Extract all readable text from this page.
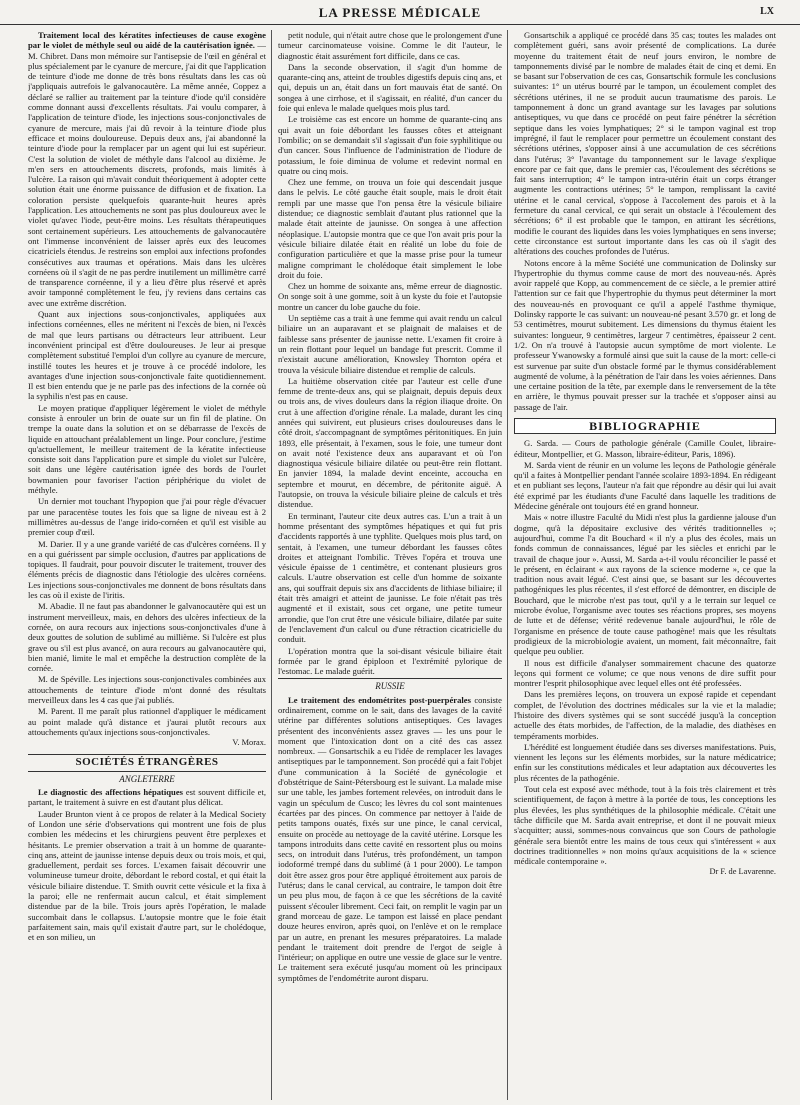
LA PRESSE MÉDICALE	LX

Traitement local des kératites infectieuses de cause exogène par le violet de méthyle seul ou aidé de la cautérisation ignée. — M. Chibret. Dans mon mémoire sur l'antisepsie de l'œil en général et plus spécialement par le cyanure de mercure, j'ai dit que l'application de teinture d'iode me donne de très bons résultats dans les cas où j'appliquais autrefois le galvanocautère. La même année, Coppez a déclaré se rallier au traitement par la teinture d'iode qu'il considère comme donnant aussi d'excellents résultats. J'ai voulu comparer, à l'application de teinture d'iode, les injections sous-conjonctivales de cyanure de mercure, mais j'ai dû revoir à la teinture d'iode plus efficace et moins douloureuse. Depuis deux ans, j'ai abandonné la teinture d'iode pour la remplacer par un agent qui lui est supérieur. C'est la solution de violet de méthyle dans l'alcool au dixième. Je m'en sers en attouchements discrets, profonds, mais limités à l'ulcère. La raison qui m'avait conduit théoriquement à adopter cette solution était une énorme puissance de diffusion et de fixation. La coloration persiste quelquefois quarante-huit heures après l'application. Les attouchements ne sont pas plus douloureux avec le violet qu'avec l'iode, peut-être moins. Les résultats thérapeutiques sont certainement supérieurs. Les attouchements de galvanocautère ont l'immense inconvénient de laisser après eux des leucomes cicatriciels étendus. Je restreins son emploi aux infections profondes consécutives aux traumas et opérations. Mais dans les ulcères cornéens où il s'agit de ne pas perdre inutilement un millimètre carré de transparence cornéenne, il y a lieu d'être plus réservé et après avoir tamponné complètement le feu, j'y reviens dans certains cas avec une extrême discrétion.

Quant aux injections sous-conjonctivales, appliquées aux infections cornéennes, elles ne méritent ni l'excès de bien, ni l'excès de mal que leurs partisans ou détracteurs leur attribuent. Leur inconvénient principal est d'être douloureuses. Je leur ai presque complètement substitué l'emploi d'un collyre au cyanure de mercure, instillé toutes les heures et je trouve à ce procédé indolore, les avantages d'une injection sous-conjonctivale faite quotidiennement. Il est bien entendu que je ne parle pas des infections de la cornée où la syphilis n'est pas en cause.

Le moyen pratique d'appliquer légèrement le violet de méthyle consiste à enrouler un brin de ouate sur un fin fil de platine. On trempe la ouate dans la solution et on se débarrasse de l'excès de liquide en attouchant préalablement un linge. Pour conclure, j'estime qu'actuellement, le meilleur traitement de la kératite infectieuse consiste soit dans l'application pure et simple du violet sur l'ulcère, soit dans une légère cautérisation ignée des bords de l'ourlet bowmanien pour favoriser l'action périphérique du violet de méthyle.

Un dernier mot touchant l'hypopion que j'ai pour règle d'évacuer par une paracentèse toutes les fois que sa ligne de niveau est à 2 millimètres au-dessus de l'ange irido-cornéen et qu'il est visible au premier coup d'œil.

M. Darier. Il y a une grande variété de cas d'ulcères cornéens. Il y en a qui guérissent par simple occlusion, d'autres par applications de topiques. Il faudrait, pour pouvoir discuter le traitement, trouver des éléments précis de diagnostic dans l'étiologie des ulcères cornéens. Les injections sous-conjonctivales me donnent de bons résultats dans les cas où il existe de l'iritis.

M. Abadie. Il ne faut pas abandonner le galvanocautère qui est un instrument merveilleux, mais, en dehors des ulcères infectieux de la cornée, on aura recours aux injections sous-conjonctivales d'une à deux gouttes de solution de sublimé au millième. Si l'ulcère est plus grave ou s'il est plus avancé, on aura recours au galvanocautère qui, bien manié, limite le mal et empêche la destruction complète de la cornée.

M. de Spéville. Les injections sous-conjonctivales combinées aux attouchements de teinture d'iode m'ont donné des résultats merveilleux dans les 4 cas que j'ai publiés.

M. Parent. Il me paraît plus rationnel d'appliquer le médicament au point malade qu'à distance et j'aurai plutôt recours aux attouchements qu'aux injections sous-conjonctivales.

V. Morax.
SOCIÉTÉS ÉTRANGÈRES
ANGLETERRE

Le diagnostic des affections hépatiques est souvent difficile et, partant, le traitement à suivre en est d'autant plus délicat.

Lauder Brunton vient à ce propos de relater à la Medical Society of London une série d'observations qui montrent une fois de plus combien les médecins et les chirurgiens peuvent être perplexes et hésitants. Le premier observation a trait à un homme de quarante-cinq ans, atteint de jaunisse intense depuis deux ou trois mois, et qui, graduellement, perdait ses forces. L'examen faisait découvrir une volumineuse tumeur droite, débordant le rebord costal, et qui était la vésicule biliaire distendue. T. Smith ouvrit cette vésicule et la fixa à la paroi; elle ne renfermait aucun calcul, et était simplement distendue par de la bile. Trois jours après l'opération, le malade succombait dans le collapsus. L'autopsie montre que le foie était parfaitement sain, mais qu'il existait d'autre part, sur le cholédoque, et en son milieu, un

petit nodule, qui n'était autre chose que le prolongement d'une tumeur carcinomateuse voisine. Comme le dit l'auteur, le diagnostic était assurément fort difficile, dans ce cas.

Dans la seconde observation, il s'agit d'un homme de quarante-cinq ans, atteint de troubles digestifs depuis cinq ans, et qui, depuis un an, était dans un fort mauvais état de santé. On songea à une cirrhose, et il s'agissait, en réalité, d'un cancer du foie qui enleva le malade quelques mois plus tard.

Le troisième cas est encore un homme de quarante-cinq ans qui avait un foie débordant les fausses côtes et atteignant l'ombilic; on se demandait s'il s'agissait d'un foie syphilitique ou d'un cancer. Sous l'influence de l'administration de l'iodure de potassium, le foie diminua de volume et redevint normal en quatre ou cinq mois.

Chez une femme, on trouva un foie qui descendait jusque dans le pelvis. Le côté gauche était souple, mais le droit était rempli par une masse que l'on pensa être la vésicule biliaire distendue; ce diagnostic semblait d'autant plus rationnel que la malade était atteinte de jaunisse. On songea à une affection néoplasique. L'autopsie montra que ce que l'on avait pris pour la vésicule biliaire dilatée était en réalité un lobe du foie de configuration particulière et que la masse prise pour la tumeur maligne comprimant le cholédoque était simplement le lobe droit du foie.

Chez un homme de soixante ans, même erreur de diagnostic. On songe soit à une gomme, soit à un kyste du foie et l'autopsie montre un cancer du lobe gauche du foie.

Un septième cas a trait à une femme qui avait rendu un calcul biliaire un an auparavant et se plaignait de malaises et de faiblesse sans présenter de jaunisse nette. L'examen fit croire à un rein flottant pour lequel un bandage fut prescrit. Comme il n'existait aucune amélioration, Knowsley Thornton opéra et trouva la vésicule biliaire distendue et remplie de calculs.

La huitième observation citée par l'auteur est celle d'une femme de trente-deux ans, qui se plaignait, depuis depuis deux ou trois ans, de vives douleurs dans la région iliaque droite. On crut à une affection d'origine rénale. La malade, durant les cinq années qui suivirent, eut plusieurs crises douloureuses dans le côté droit, s'accompagnant de symptômes péritonitiques. En juin 1893, elle présentait, à l'examen, sous le foie, une tumeur dont on avait noté l'existence deux ans auparavant et où l'on diagnostiqua vésicule biliaire dilatée ou peut-être rein flottant. En janvier 1894, la malade devint enceinte, accoucha en septembre et mourut, en décembre, de péritonite aiguë. A l'autopsie, on trouva la vésicule biliaire pleine de calculs et très distendue.

En terminant, l'auteur cite deux autres cas. L'un a trait à un homme présentant des symptômes hépatiques et qui fut pris d'accidents rapportés à une typhlite. Quelques mois plus tard, on sentait, à l'examen, une tumeur débordant les fausses côtes droites et atteignant l'ombilic. Trèves l'opéra et trouva une vésicule épaisse de 1 centimètre, et contenant plusieurs gros calculs. L'autre observation est celle d'un homme de soixante ans, qui souffrait depuis six ans d'accidents de lithiase biliaire; il était très amaigri et atteint de jaunisse. Le foie n'était pas très augmenté et il existait, sous cet organe, une petite tumeur arrondie, que l'on crut être une vésicule biliaire, dilatée par suite de l'enclavement d'un calcul ou d'une rétraction cicatricielle du conduit.

L'opération montra que la soi-disant vésicule biliaire était formée par le grand épiploon et l'extrémité pylorique de l'estomac. Le malade guérit.

RUSSIE

Le traitement des endométrites post-puerpérales consiste ordinairement, comme on le sait, dans des lavages de la cavité utérine par différentes solutions antiseptiques. Ces lavages présentent des inconvénients assez graves — les uns pour le moment que l'intoxication dont on a cité des cas assez nombreux. — Gonsartschik a eu l'idée de remplacer les lavages antiseptiques par le tamponnement. Son procédé qui a fait l'objet d'une communication à la Société de gynécologie et d'obstétrique de Saint-Pétersbourg est le suivant. La malade mise sur une table, les jambes fortement relevées, on introduit dans le vagin un spéculum de Cusco; les lèvres du col sont maintenues écartées par des pinces. On commence par nettoyer à l'aide de petits tampons ouatés, fixés sur une pince, le canal cervical, ensuite on procède au nettoyage de la cavité utérine. Lorsque les tampons introduits dans cette cavité en ressortent plus ou moins secs, on introduit dans l'utérus, très profondément, un tampon iodoformé trempé dans du sublimé (à 1 pour 2000). Le tampon doit être assez gros pour être appliqué étroitement aux parois de l'utérus; dans le canal cervical, au contraire, le tampon doit être un peu plus mou, de façon à ce que les sécrétions de la cavité puissent s'écouler librement. Ceci fait, on remplit le vagin par un grand morceau de gaze. Le tampon est laissé en place pendant douze heures environ, après quoi, on l'enlève et on le remplace par un autre, en prenant les mesures préparatoires. La malade pendant le traitement doit prendre de l'ergot de seigle à l'intérieur; on applique en outre une vessie de glace sur le ventre. Le traitement sera exécuté jusqu'au moment où les principaux symptômes de l'endométrite auront disparu.

Gonsartschik a appliqué ce procédé dans 35 cas; toutes les malades ont complètement guéri, sans avoir présenté de complications. La durée moyenne du traitement était de neuf jours environ, le nombre de tamponnements divisé par le nombre de malades était de cinq et demi. En se basant sur l'observation de ces cas, Gonsartschik formule les conclusions suivantes: 1° un utérus bourré par le tampon, un écoulement complet des sécrétions utérines, il ne se produit aucun traumatisme des parois. Le tamponnement à donc un grand avantage sur les lavages par solutions antiseptiques, vu que dans ce procédé on peut faire pénétrer la sécrétion septique dans les voies lymphatiques; 2° si le tampon vaginal est trop imprégné, il faut le remplacer pour permettre un écoulement constant des sécrétions utérines, s'opposer ainsi à une accumulation de ces sécrétions dans l'utérus; 3° l'avantage du tamponnement sur le lavage s'explique encore par ce fait que, dans le premier cas, l'écoulement des sécrétions se fait sans interruption; 4° le tampon intra-utérin était un corps étranger augmente les contractions utérines; 5° le tampon, remplissant la cavité utérine et le canal cervical, s'oppose à l'accolement des parois et à la fermeture du canal cervical, ce qui serait un obstacle à l'écoulement des sécrétions; 6° il est probable que le tampon, en attirant les sécrétions, modifie le courant des liquides dans les voies lymphatiques en sens inverse; cette circonstance est surtout importante dans les cas où il s'agit des altérations des couches profondes de l'utérus.

Notons encore à la même Société une communication de Dolinsky sur l'hypertrophie du thymus comme cause de mort des nouveau-nés. Après avoir rappelé que Kopp, au commencement de ce siècle, a le premier attiré l'attention sur ce fait que l'hypertrophie du thymus peut déterminer la mort des nouveau-nés en provoquant ce qu'il a appelé l'asthme thymique, Dolinsky rapporte le cas suivant: un nouveau-né pesant 3.570 gr. et long de 53 centimètres, mourut subitement. Les dimensions du thymus étaient les suivantes: longueur, 9 centimètres, largeur 7 centimètres, épaisseur 2 cent. 1/2. On n'a trouvé à l'autopsie aucun symptôme de mort violente. Le professeur Ywanowsky a formulé ainsi que suit la cause de la mort: celle-ci est survenue par suite d'un obstacle formé par le thymus considérablement augmenté de volume, à la pénétration de l'air dans les voies aériennes. Dans une certaine position de la tête, par exemple dans le renversement de la tête en arrière, le thymus pouvait presser sur la trachée et s'opposer ainsi au passage de l'air.

BIBLIOGRAPHIE

G. Sarda. — Cours de pathologie générale (Camille Coulet, libraire-éditeur, Montpellier, et G. Masson, libraire-éditeur, Paris, 1896).

M. Sarda vient de réunir en un volume les leçons de Pathologie générale qu'il a faites à Montpellier pendant l'année scolaire 1893-1894. En rédigeant et en publiant ses leçons, l'auteur n'a fait que répondre au désir qui lui avait été exprimé par les étudiants d'une Faculté dans laquelle les traditions de Médecine générale ont toujours été en grand honneur.

Mais « notre illustre Faculté du Midi n'est plus la gardienne jalouse d'un dogme, qu'à la dépositaire exclusive des vérités traditionnelles »; aujourd'hui, comme l'a dit Bouchard « il n'y a plus des écoles, mais un fonds commun de connaissances, légué par les siècles et enrichi par le travail de chaque jour ». Aussi, M. Sarda a-t-il voulu réconcilier le passé et le présent, en éclairant « aux rayons de la science moderne », ce que la tradition nous avait légué. C'est ainsi que, se basant sur les découvertes pathogéniques les plus récentes, il s'est efforcé de démontrer, en disciple de Bouchard, que le microbe n'est pas tout, qu'il y a le terrain sur lequel ce microbe évolue, l'organisme avec toutes ses réactions propres, ses moyens de lutte et de défense; vérité redevenue banale aujourd'hui, le rôle de l'organisme en présence de toute cause pathogène! mais que les résultats prodigieux de la microbiologie avaient, un moment, fait méconnaître, fait quelque peu oublier.

Il nous est difficile d'analyser sommairement chacune des quatorze leçons qui forment ce volume; ce que nous venons de dire suffit pour montrer l'esprit philosophique avec lequel elles ont été professées.

Dans les premières leçons, on trouvera un exposé rapide et cependant complet, de l'évolution des doctrines médicales sur la vie et la maladie; l'histoire des divers systèmes qui se sont succédé jusqu'à la conception actuelle des états morbides, de l'affection, de la maladie, des diathèses en tempéraments morbides.

L'hérédité est longuement étudiée dans ses diverses manifestations. Puis, viennent les leçons sur les éléments morbides, sur la nature médicatrice; enfin sur les constitutions médicales et leur adaptation aux découvertes les plus récentes de la pathogénie.

Tout cela est exposé avec méthode, tout à la fois très clairement et très scientifiquement, de façon à mettre à la portée de tous, les conceptions les plus élevées, les plus synthétiques de la philosophie médicale. C'était une tâche difficile que M. Sarda avait entreprise, et dont il ne pouvait mieux s'acquitter; aussi, sommes-nous convaincus que son Cours de pathologie générale sera bientôt entre les mains de tous ceux qui s'intéressent « aux doctrines traditionnelles » non moins qu'aux acquisitions de la « science médicale contemporaine ».

Dr F. de Lavarenne.
